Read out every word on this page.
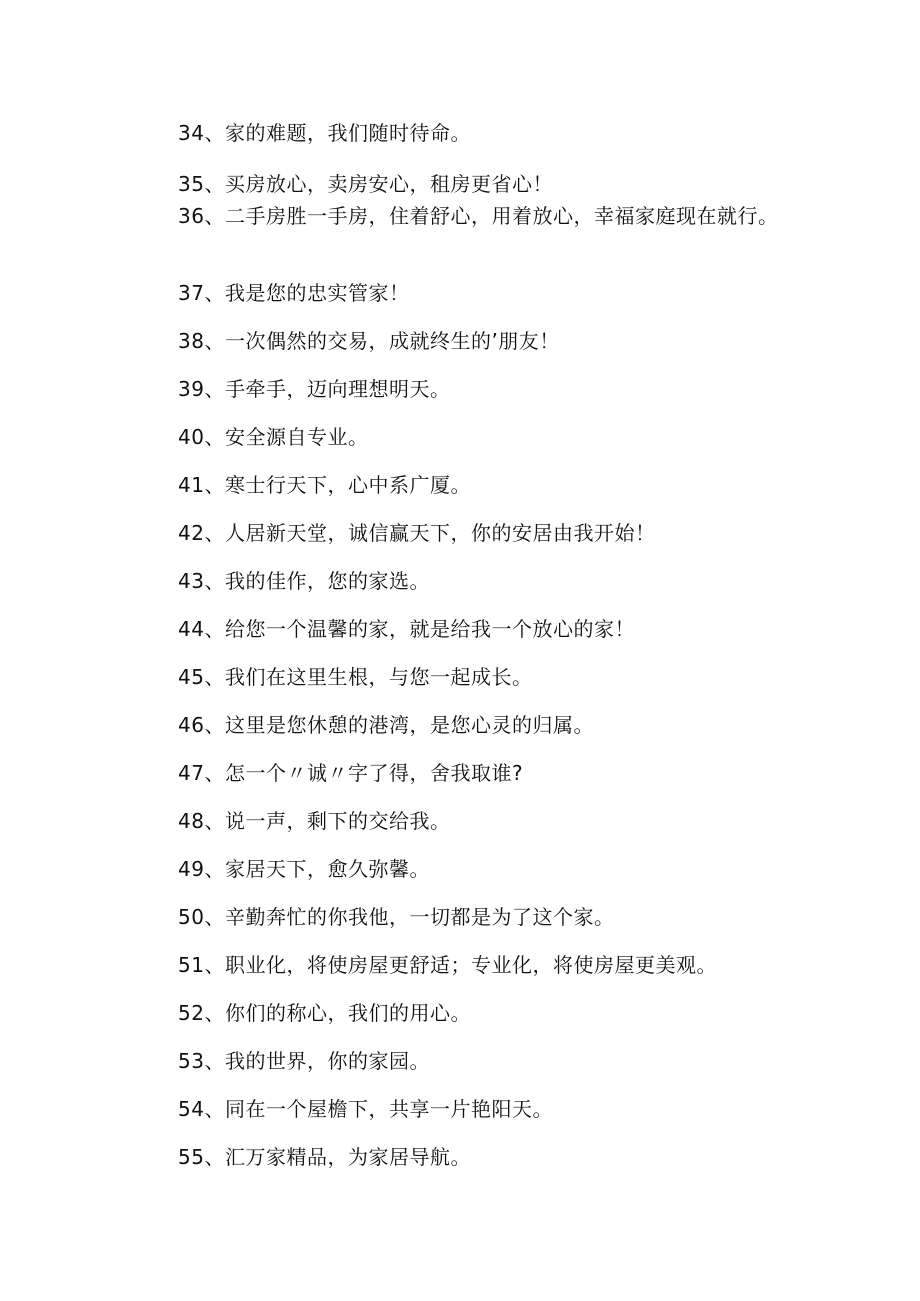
34、家的难题，我们随时待命。
35、买房放心，卖房安心，租房更省心！
36、二手房胜一手房，住着舒心，用着放心，幸福家庭现在就行。
37、我是您的忠实管家！
38、一次偶然的交易，成就终生的’朋友！
39、手牵手，迈向理想明天。
40、安全源自专业。
41、寒士行天下，心中系广厦。
42、人居新天堂，诚信赢天下，你的安居由我开始！
43、我的佳作，您的家选。
44、给您一个温馨的家，就是给我一个放心的家！
45、我们在这里生根，与您一起成长。
46、这里是您休憩的港湾，是您心灵的归属。
47、怎一个〃诚〃字了得，舍我取谁?
48、说一声，剩下的交给我。
49、家居天下，愈久弥馨。
50、辛勤奔忙的你我他，一切都是为了这个家。
51、职业化，将使房屋更舒适；专业化，将使房屋更美观。
52、你们的称心，我们的用心。
53、我的世界，你的家园。
54、同在一个屋檐下，共享一片艳阳天。
55、汇万家精品，为家居导航。
